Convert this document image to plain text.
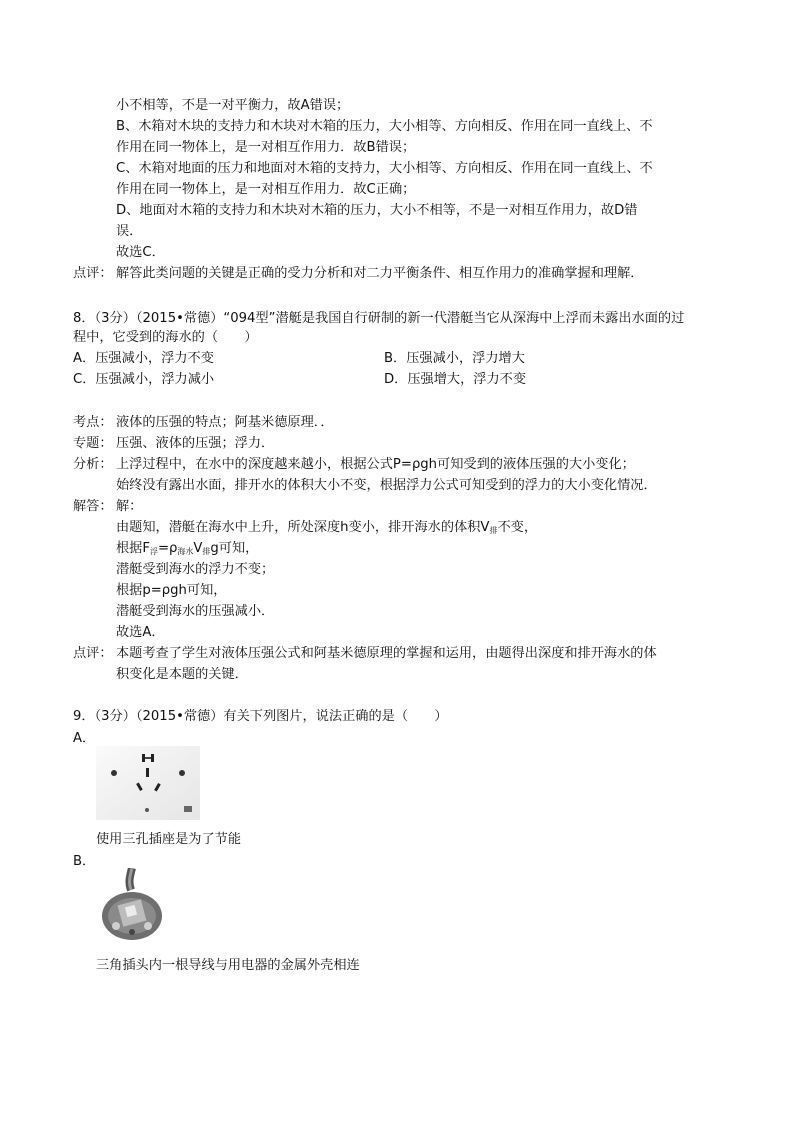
小不相等，不是一对平衡力，故A错误；
B、木箱对木块的支持力和木块对木箱的压力，大小相等、方向相反、作用在同一直线上、不
作用在同一物体上，是一对相互作用力．故B错误；
C、木箱对地面的压力和地面对木箱的支持力，大小相等、方向相反、作用在同一直线上、不
作用在同一物体上，是一对相互作用力．故C正确；
D、地面对木箱的支持力和木块对木箱的压力，大小不相等，不是一对相互作用力，故D错
误．
故选C．
点评： 解答此类问题的关键是正确的受力分析和对二力平衡条件、相互作用力的准确掌握和理解．
8．（3分）（2015•常德）“094型”潜艇是我国自行研制的新一代潜艇当它从深海中上浮而未露出水面的过
程中，它受到的海水的（　　）
A．压强减小，浮力不变	B．压强减小，浮力增大
C．压强减小，浮力减小	D．压强增大，浮力不变
考点： 液体的压强的特点；阿基米德原理．．
专题： 压强、液体的压强；浮力．
分析： 上浮过程中，在水中的深度越来越小，根据公式P=ρgh可知受到的液体压强的大小变化；
始终没有露出水面，排开水的体积大小不变，根据浮力公式可知受到的浮力的大小变化情况．
解答： 解：
由题知，潜艇在海水中上升，所处深度h变小，排开海水的体积$V_排$不变，
根据$F_浮=\rho_{海水}V_排g$可知，
潜艇受到海水的浮力不变；
根据p=ρgh可知，
潜艇受到海水的压强减小．
故选A．
点评： 本题考查了学生对液体压强公式和阿基米德原理的掌握和运用，由题得出深度和排开海水的体
积变化是本题的关键．
9．（3分）（2015•常德）有关下列图片，说法正确的是（　　）
A．
使用三孔插座是为了节能
B．
三角插头内一根导线与用电器的金属外壳相连
